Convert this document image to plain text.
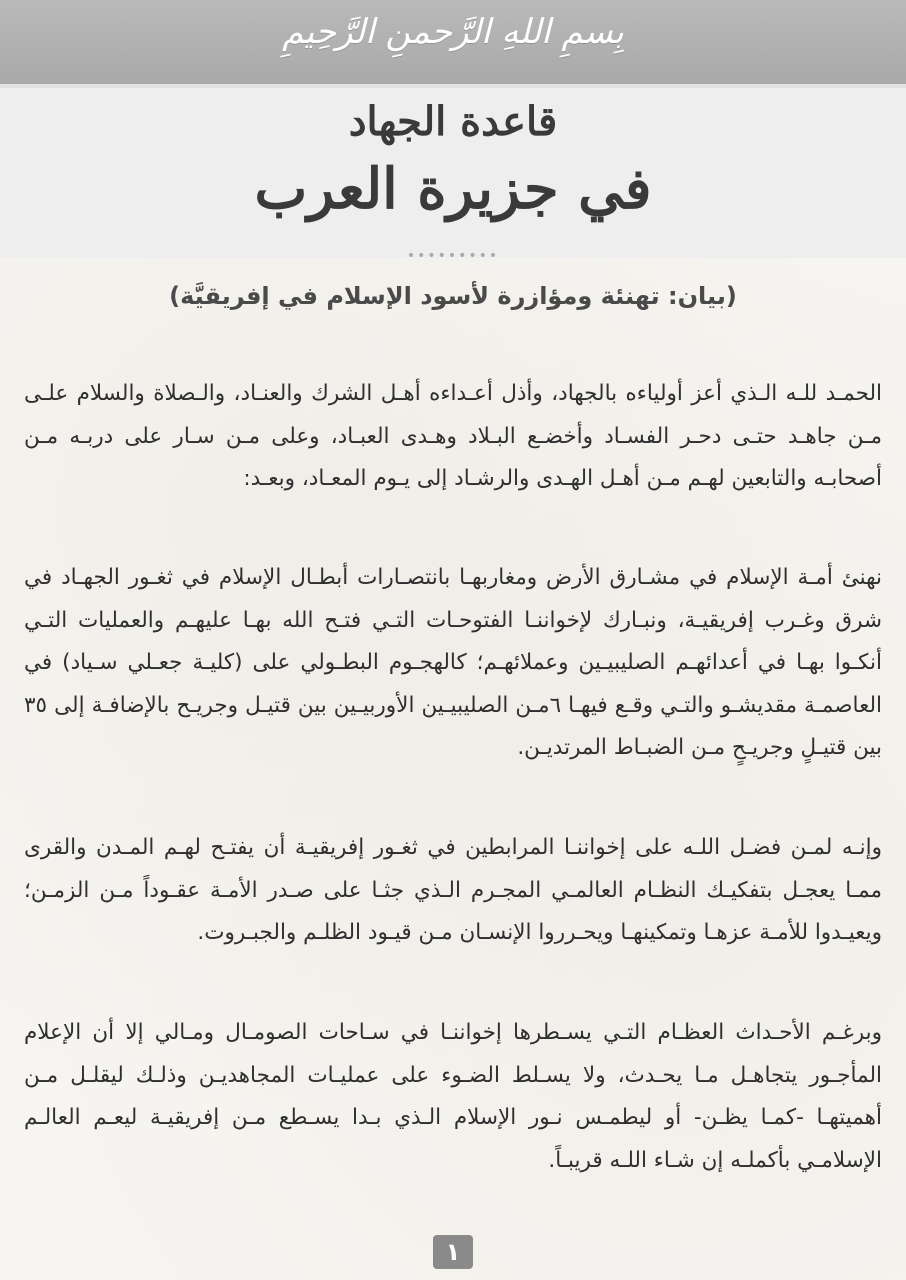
بِسمِ اللهِ الرَّحمنِ الرَّحِيمِ
قاعدة الجهاد
في جزيرة العرب
•••••••••
(بيان: تهنئة ومؤازرة لأسود الإسلام في إفريقيَّة)

الحمـد للـه الـذي أعز أولياءه بالجهاد، وأذل أعـداءه أهـل الشرك والعنـاد، والـصلاة والسلام علـى مـن جاهـد حتـى دحـر الفسـاد وأخضـع البـلاد وهـدى العبـاد، وعلى مـن سـار على دربـه مـن أصحابـه والتابعين لهـم مـن أهـل الهـدى والرشـاد إلى يـوم المعـاد، وبعـد:

نهنئ أمـة الإسلام في مشـارق الأرض ومغاربهـا بانتصـارات أبطـال الإسلام في ثغـور الجهـاد في شرق وغـرب إفريقيـة، ونبـارك لإخواننـا الفتوحـات التـي فتـح الله بهـا عليهـم والعمليات التـي أنكـوا بهـا في أعدائهـم الصليبيـين وعملائهـم؛ كالهجـوم البطـولي على (كليـة جعـلي سـياد) في العاصمـة مقديشـو والتـي وقـع فيهـا ٦مـن الصليبيـين الأوربيـين بين قتيـل وجريـح بالإضافـة إلى ٣٥ بين قتيـلٍ وجريـحٍ مـن الضبـاط المرتديـن.

وإنـه لمـن فضـل اللـه على إخواننـا المرابطين في ثغـور إفريقيـة أن يفتـح لهـم المـدن والقرى ممـا يعجـل بتفكيـك النظـام العالمـي المجـرم الـذي جثـا على صـدر الأمـة عقـوداً مـن الزمـن؛ ويعيـدوا للأمـة عزهـا وتمكينهـا ويحـرروا الإنسـان مـن قيـود الظلـم والجبـروت.

وبرغـم الأحـداث العظـام التـي يسـطرها إخواننـا في سـاحات الصومـال ومـالي إلا أن الإعلام المأجـور يتجاهـل مـا يحـدث، ولا يسـلط الضـوء على عمليـات المجاهديـن وذلـك ليقلـل مـن أهميتهـا -كمـا يظـن- أو ليطمـس نـور الإسلام الـذي بـدا يسـطع مـن إفريقيـة ليعـم العالـم الإسلامـي بأكملـه إن شـاء اللـه قريبـاً.

١
